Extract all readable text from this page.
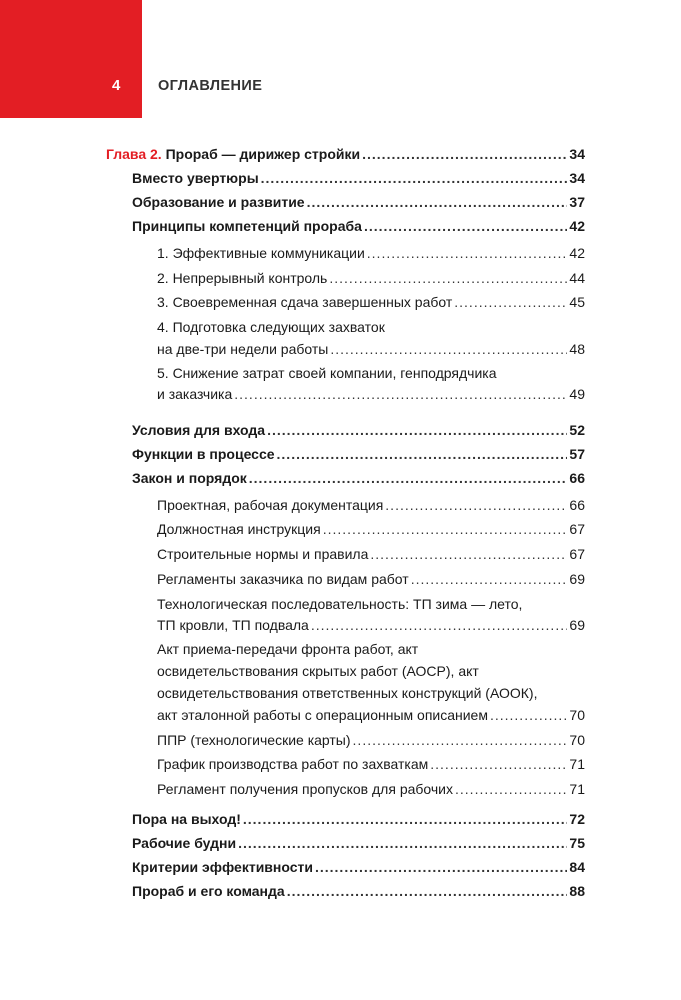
4	ОГЛАВЛЕНИЕ
Глава 2. Прораб — дирижер стройки .....	34
Вместо увертюры .....	34
Образование и развитие .....	37
Принципы компетенций прораба .....	42
1. Эффективные коммуникации .....	42
2. Непрерывный контроль .....	44
3. Своевременная сдача завершенных работ .....	45
4. Подготовка следующих захваток
на две-три недели работы .....	48
5. Снижение затрат своей компании, генподрядчика
и заказчика .....	49
Условия для входа .....	52
Функции в процессе .....	57
Закон и порядок .....	66
Проектная, рабочая документация .....	66
Должностная инструкция .....	67
Строительные нормы и правила .....	67
Регламенты заказчика по видам работ .....	69
Технологическая последовательность: ТП зима — лето,
ТП кровли, ТП подвала .....	69
Акт приема-передачи фронта работ, акт
освидетельствования скрытых работ (АОСР), акт
освидетельствования ответственных конструкций (АООК),
акт эталонной работы с операционным описанием .....	70
ППР (технологические карты) .....	70
График производства работ по захваткам .....	71
Регламент получения пропусков для рабочих .....	71
Пора на выход! .....	72
Рабочие будни .....	75
Критерии эффективности .....	84
Прораб и его команда .....	88
